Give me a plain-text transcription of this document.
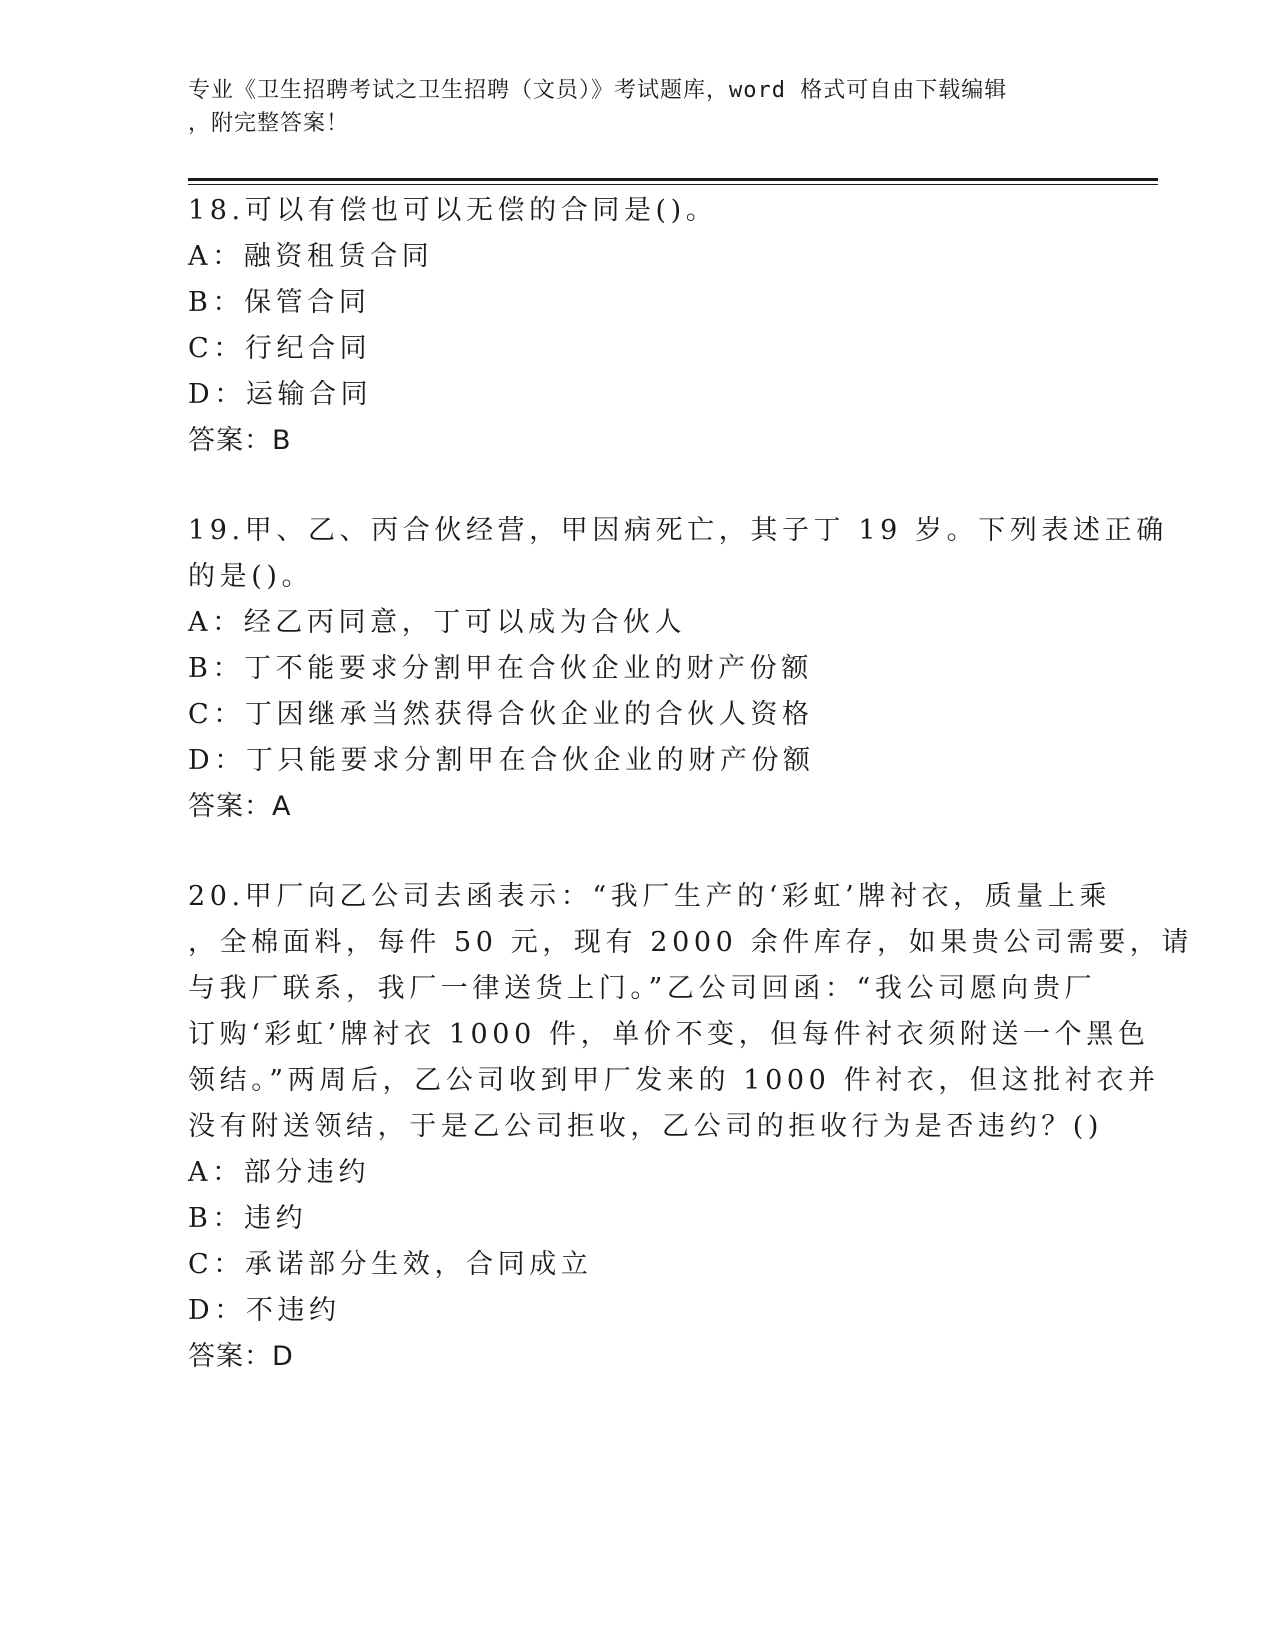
专业《卫生招聘考试之卫生招聘（文员）》考试题库，word 格式可自由下载编辑
，附完整答案！
18.可以有偿也可以无偿的合同是()。
A：融资租赁合同
B：保管合同
C：行纪合同
D：运输合同
答案：B
19.甲、乙、丙合伙经营，甲因病死亡，其子丁 19 岁。下列表述正确
的是()。
A：经乙丙同意，丁可以成为合伙人
B：丁不能要求分割甲在合伙企业的财产份额
C：丁因继承当然获得合伙企业的合伙人资格
D：丁只能要求分割甲在合伙企业的财产份额
答案：A
20.甲厂向乙公司去函表示：“我厂生产的‘彩虹’牌衬衣，质量上乘
，全棉面料，每件 50 元，现有 2000 余件库存，如果贵公司需要，请
与我厂联系，我厂一律送货上门。”乙公司回函：“我公司愿向贵厂
订购‘彩虹’牌衬衣 1000 件，单价不变，但每件衬衣须附送一个黑色
领结。”两周后，乙公司收到甲厂发来的 1000 件衬衣，但这批衬衣并
没有附送领结，于是乙公司拒收，乙公司的拒收行为是否违约？()
A：部分违约
B：违约
C：承诺部分生效，合同成立
D：不违约
答案：D
